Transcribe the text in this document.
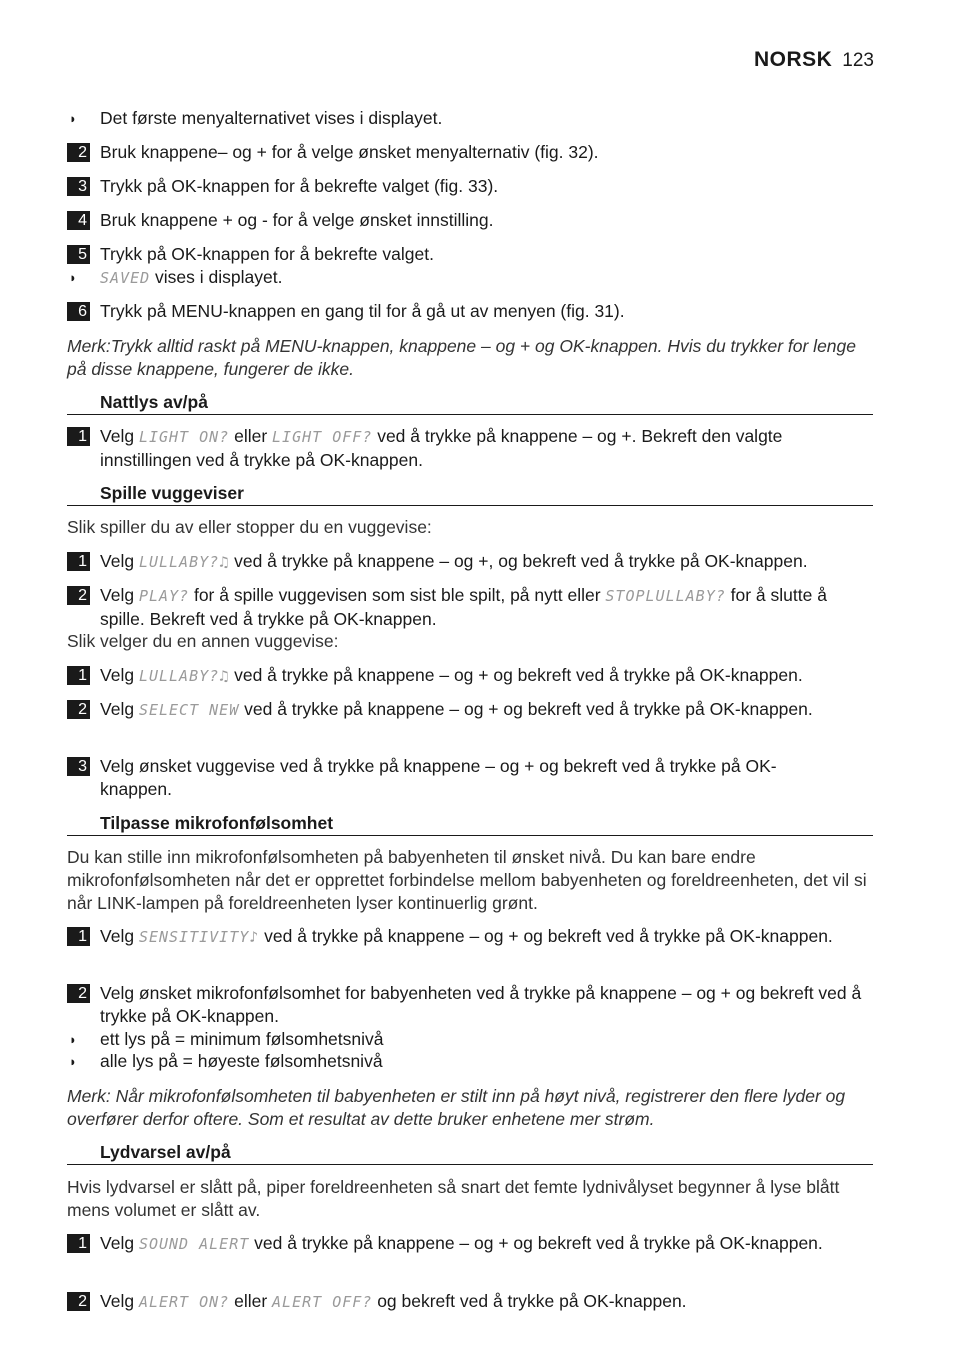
NORSK 123
◗ Det første menyalternativet vises i displayet.
2 Bruk knappene– og + for å velge ønsket menyalternativ (fig. 32).
3 Trykk på OK-knappen for å bekrefte valget (fig. 33).
4 Bruk knappene + og - for å velge ønsket innstilling.
5 Trykk på OK-knappen for å bekrefte valget.
◗ SAVED vises i displayet.
6 Trykk på MENU-knappen en gang til for å gå ut av menyen (fig. 31).
Merk:Trykk alltid raskt på MENU-knappen, knappene – og + og OK-knappen. Hvis du trykker for lenge på disse knappene, fungerer de ikke.
Nattlys av/på
1 Velg LIGHT ON? eller LIGHT OFF? ved å trykke på knappene – og +. Bekreft den valgte innstillingen ved å trykke på OK-knappen.
Spille vuggeviser
Slik spiller du av eller stopper du en vuggevise:
1 Velg LULLABY?♫ ved å trykke på knappene – og +, og bekreft ved å trykke på OK-knappen.
2 Velg PLAY? for å spille vuggevisen som sist ble spilt, på nytt eller STOPLULLABY? for å slutte å spille. Bekreft ved å trykke på OK-knappen.
Slik velger du en annen vuggevise:
1 Velg LULLABY?♫ ved å trykke på knappene – og + og bekreft ved å trykke på OK-knappen.
2 Velg SELECT NEW ved å trykke på knappene – og + og bekreft ved å trykke på OK-knappen.
3 Velg ønsket vuggevise ved å trykke på knappene – og + og bekreft ved å trykke på OK-knappen.
Tilpasse mikrofonfølsomhet
Du kan stille inn mikrofonfølsomheten på babyenheten til ønsket nivå. Du kan bare endre mikrofonfølsomheten når det er opprettet forbindelse mellom babyenheten og foreldreenheten, det vil si når LINK-lampen på foreldreenheten lyser kontinuerlig grønt.
1 Velg SENSITIVITY♪ ved å trykke på knappene – og + og bekreft ved å trykke på OK-knappen.
2 Velg ønsket mikrofonfølsomhet for babyenheten ved å trykke på knappene – og + og bekreft ved å trykke på OK-knappen.
◗ ett lys på = minimum følsomhetsnivå
◗ alle lys på = høyeste følsomhetsnivå
Merk: Når mikrofonfølsomheten til babyenheten er stilt inn på høyt nivå, registrerer den flere lyder og overfører derfor oftere. Som et resultat av dette bruker enhetene mer strøm.
Lydvarsel av/på
Hvis lydvarsel er slått på, piper foreldreenheten så snart det femte lydnivålyset begynner å lyse blått mens volumet er slått av.
1 Velg SOUND ALERT ved å trykke på knappene – og + og bekreft ved å trykke på OK-knappen.
2 Velg ALERT ON? eller ALERT OFF? og bekreft ved å trykke på OK-knappen.
